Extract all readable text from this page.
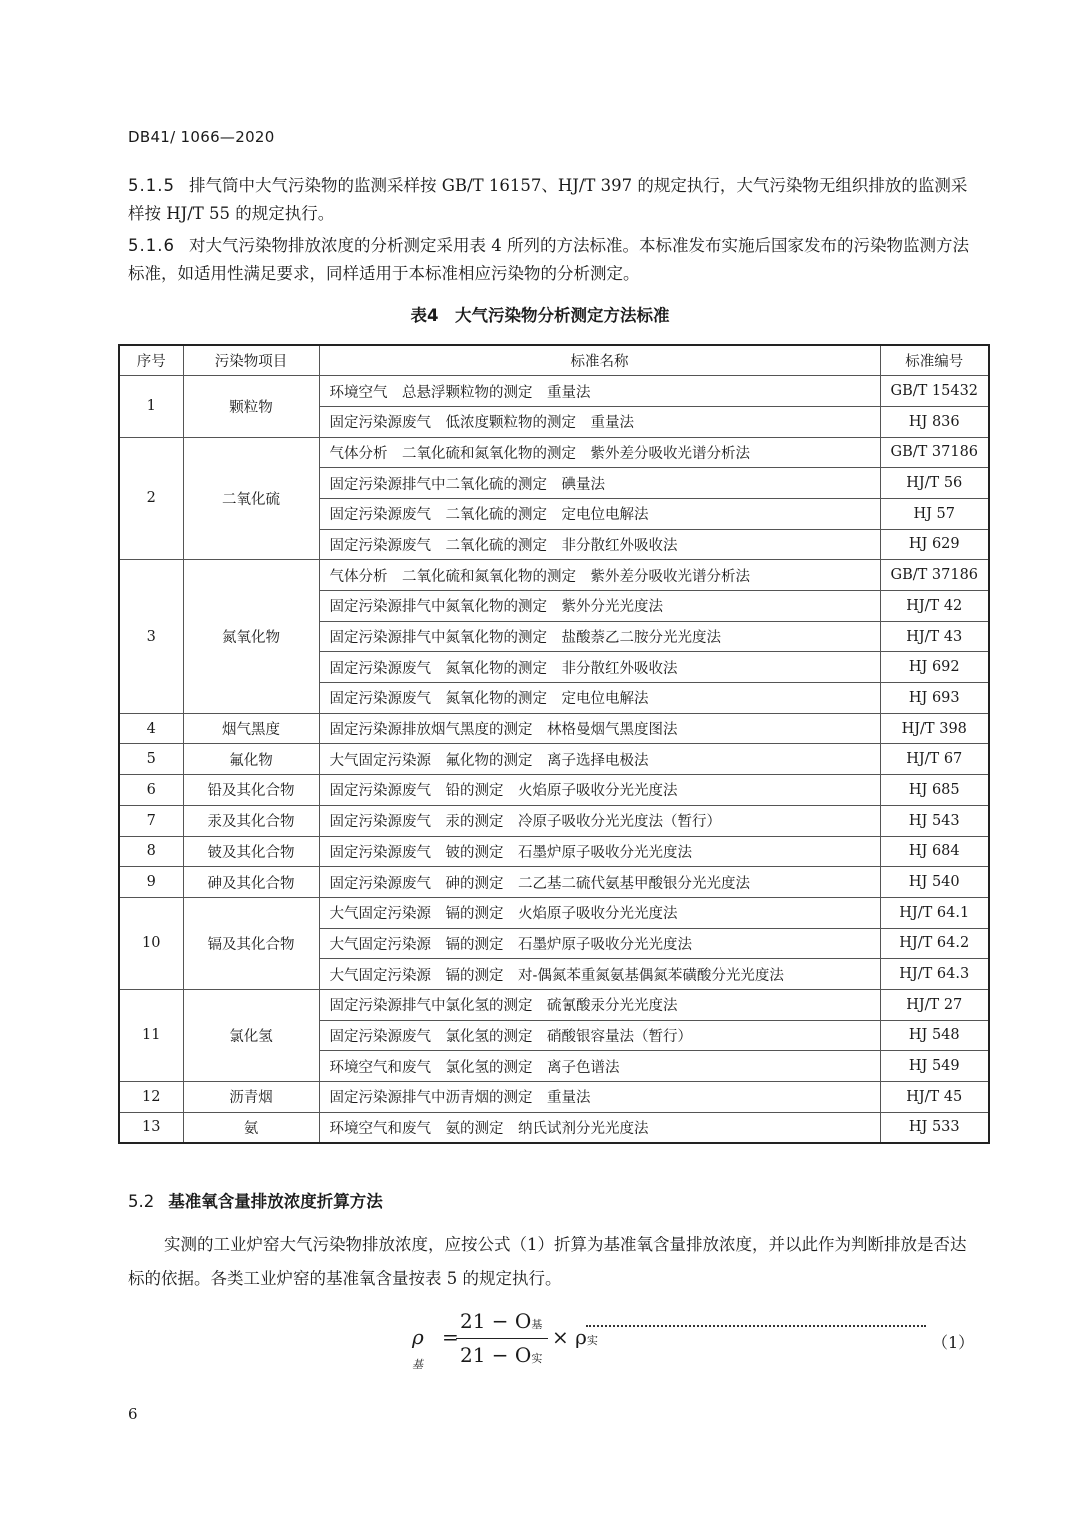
DB41/ 1066—2020
5.1.5 排气筒中大气污染物的监测采样按 GB/T 16157、HJ/T 397 的规定执行，大气污染物无组织排放的监测采样按 HJ/T 55 的规定执行。
5.1.6 对大气污染物排放浓度的分析测定采用表 4 所列的方法标准。本标准发布实施后国家发布的污染物监测方法标准，如适用性满足要求，同样适用于本标准相应污染物的分析测定。
表4　大气污染物分析测定方法标准
序号	污染物项目	标准名称	标准编号
1	颗粒物	环境空气　总悬浮颗粒物的测定　重量法	GB/T 15432
		固定污染源废气　低浓度颗粒物的测定　重量法	HJ 836
2	二氧化硫	气体分析　二氧化硫和氮氧化物的测定　紫外差分吸收光谱分析法	GB/T 37186
		固定污染源排气中二氧化硫的测定　碘量法	HJ/T 56
		固定污染源废气　二氧化硫的测定　定电位电解法	HJ 57
		固定污染源废气　二氧化硫的测定　非分散红外吸收法	HJ 629
3	氮氧化物	气体分析　二氧化硫和氮氧化物的测定　紫外差分吸收光谱分析法	GB/T 37186
		固定污染源排气中氮氧化物的测定　紫外分光光度法	HJ/T 42
		固定污染源排气中氮氧化物的测定　盐酸萘乙二胺分光光度法	HJ/T 43
		固定污染源废气　氮氧化物的测定　非分散红外吸收法	HJ 692
		固定污染源废气　氮氧化物的测定　定电位电解法	HJ 693
4	烟气黑度	固定污染源排放烟气黑度的测定　林格曼烟气黑度图法	HJ/T 398
5	氟化物	大气固定污染源　氟化物的测定　离子选择电极法	HJ/T 67
6	铅及其化合物	固定污染源废气　铅的测定　火焰原子吸收分光光度法	HJ 685
7	汞及其化合物	固定污染源废气　汞的测定　冷原子吸收分光光度法（暂行）	HJ 543
8	铍及其化合物	固定污染源废气　铍的测定　石墨炉原子吸收分光光度法	HJ 684
9	砷及其化合物	固定污染源废气　砷的测定　二乙基二硫代氨基甲酸银分光光度法	HJ 540
10	镉及其化合物	大气固定污染源　镉的测定　火焰原子吸收分光光度法	HJ/T 64.1
		大气固定污染源　镉的测定　石墨炉原子吸收分光光度法	HJ/T 64.2
		大气固定污染源　镉的测定　对-偶氮苯重氮氨基偶氮苯磺酸分光光度法	HJ/T 64.3
11	氯化氢	固定污染源排气中氯化氢的测定　硫氰酸汞分光光度法	HJ/T 27
		固定污染源废气　氯化氢的测定　硝酸银容量法（暂行）	HJ 548
		环境空气和废气　氯化氢的测定　离子色谱法	HJ 549
12	沥青烟	固定污染源排气中沥青烟的测定　重量法	HJ/T 45
13	氨	环境空气和废气　氨的测定　纳氏试剂分光光度法	HJ 533
5.2 基准氧含量排放浓度折算方法
实测的工业炉窑大气污染物排放浓度，应按公式（1）折算为基准氧含量排放浓度，并以此作为判断排放是否达标的依据。各类工业炉窑的基准氧含量按表 5 的规定执行。
ρ基
=
21 − O基
21 − O实
× ρ实	（1）
6
